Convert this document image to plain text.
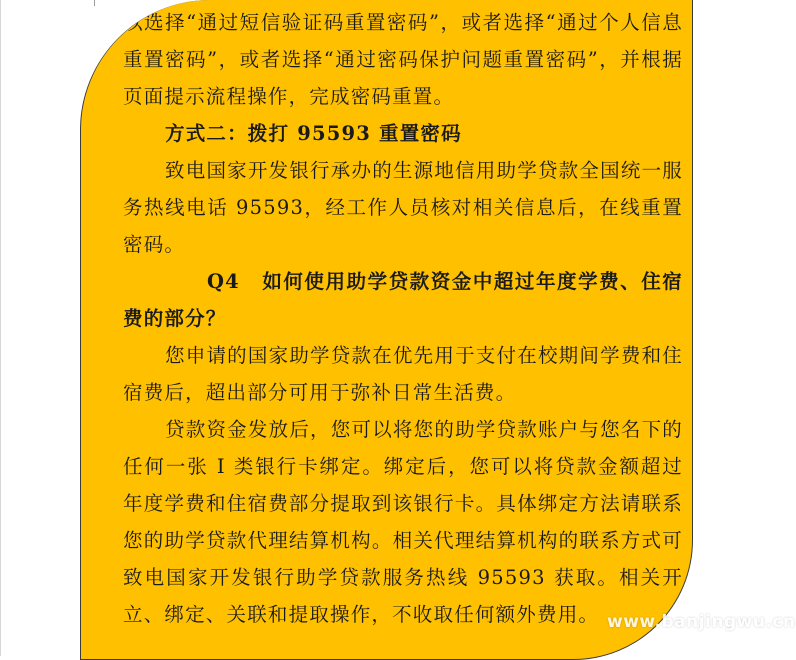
以选择“通过短信验证码重置密码”，或者选择“通过个人信息重置密码”，或者选择“通过密码保护问题重置密码”，并根据页面提示流程操作，完成密码重置。

方式二：拨打 95593 重置密码

致电国家开发银行承办的生源地信用助学贷款全国统一服务热线电话 95593，经工作人员核对相关信息后，在线重置密码。

Q4 如何使用助学贷款资金中超过年度学费、住宿费的部分？

您申请的国家助学贷款在优先用于支付在校期间学费和住宿费后，超出部分可用于弥补日常生活费。

贷款资金发放后，您可以将您的助学贷款账户与您名下的任何一张 I 类银行卡绑定。绑定后，您可以将贷款金额超过年度学费和住宿费部分提取到该银行卡。具体绑定方法请联系您的助学贷款代理结算机构。相关代理结算机构的联系方式可致电国家开发银行助学贷款服务热线 95593 获取。相关开立、绑定、关联和提取操作，不收取任何额外费用。 www.banjingwu.cn
